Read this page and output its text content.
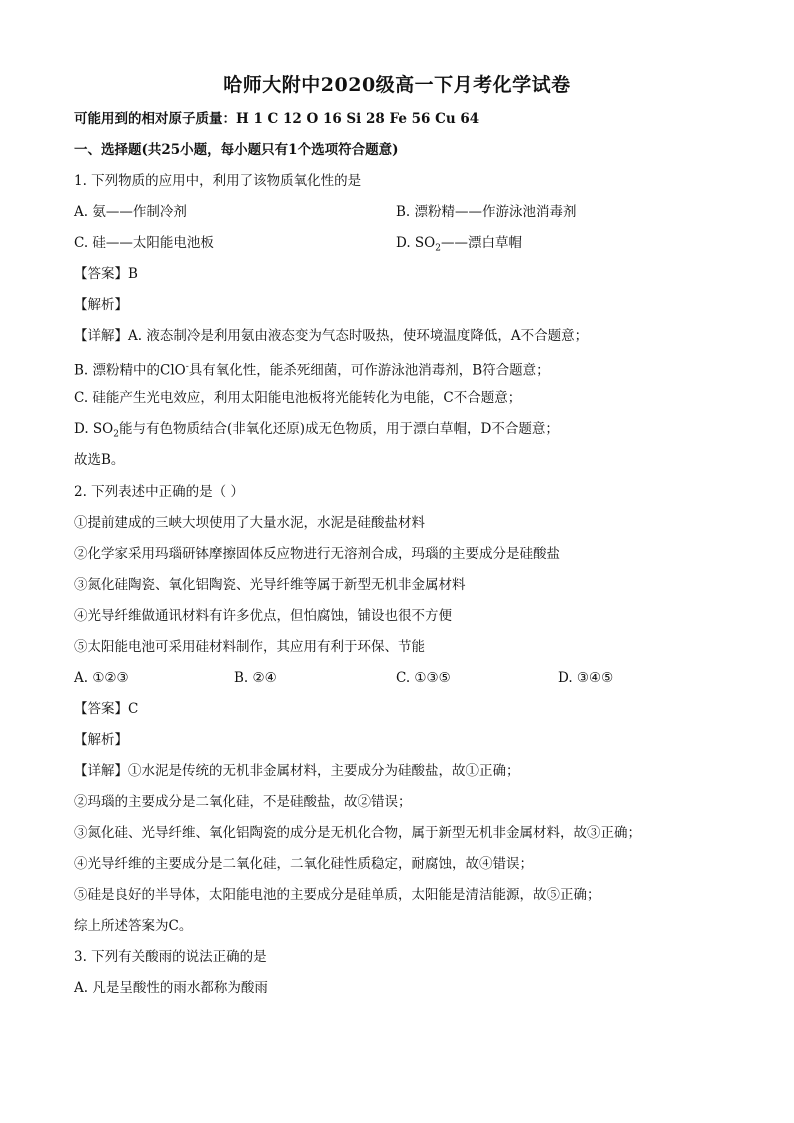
哈师大附中2020级高一下月考化学试卷
可能用到的相对原子质量：H 1 C 12 O 16 Si 28 Fe 56 Cu 64
一、选择题(共25小题，每小题只有1个选项符合题意)
1. 下列物质的应用中，利用了该物质氧化性的是
A. 氨——作制冷剂	B. 漂粉精——作游泳池消毒剂
C. 硅——太阳能电池板	D. $SO_2——$漂白草帽
【答案】B
【解析】
【详解】A. 液态制冷是利用氨由液态变为气态时吸热，使环境温度降低，A不合题意；
B. 漂粉精中的ClO-具有氧化性，能杀死细菌，可作游泳池消毒剂，B符合题意；
C. 硅能产生光电效应，利用太阳能电池板将光能转化为电能，C不合题意；
D. $SO_2$能与有色物质结合(非氧化还原)成无色物质，用于漂白草帽，D不合题意；
故选B。
2. 下列表述中正确的是（ ）
①提前建成的三峡大坝使用了大量水泥，水泥是硅酸盐材料
②化学家采用玛瑙研钵摩擦固体反应物进行无溶剂合成，玛瑙的主要成分是硅酸盐
③氮化硅陶瓷、氧化铝陶瓷、光导纤维等属于新型无机非金属材料
④光导纤维做通讯材料有许多优点，但怕腐蚀，铺设也很不方便
⑤太阳能电池可采用硅材料制作，其应用有利于环保、节能
A. ①②③	B. ②④	C. ①③⑤	D. ③④⑤
【答案】C
【解析】
【详解】①水泥是传统的无机非金属材料，主要成分为硅酸盐，故①正确；
②玛瑙的主要成分是二氧化硅，不是硅酸盐，故②错误；
③氮化硅、光导纤维、氧化铝陶瓷的成分是无机化合物，属于新型无机非金属材料，故③正确；
④光导纤维的主要成分是二氧化硅，二氧化硅性质稳定，耐腐蚀，故④错误；
⑤硅是良好的半导体，太阳能电池的主要成分是硅单质，太阳能是清洁能源，故⑤正确；
综上所述答案为C。
3. 下列有关酸雨的说法正确的是
A. 凡是呈酸性的雨水都称为酸雨
